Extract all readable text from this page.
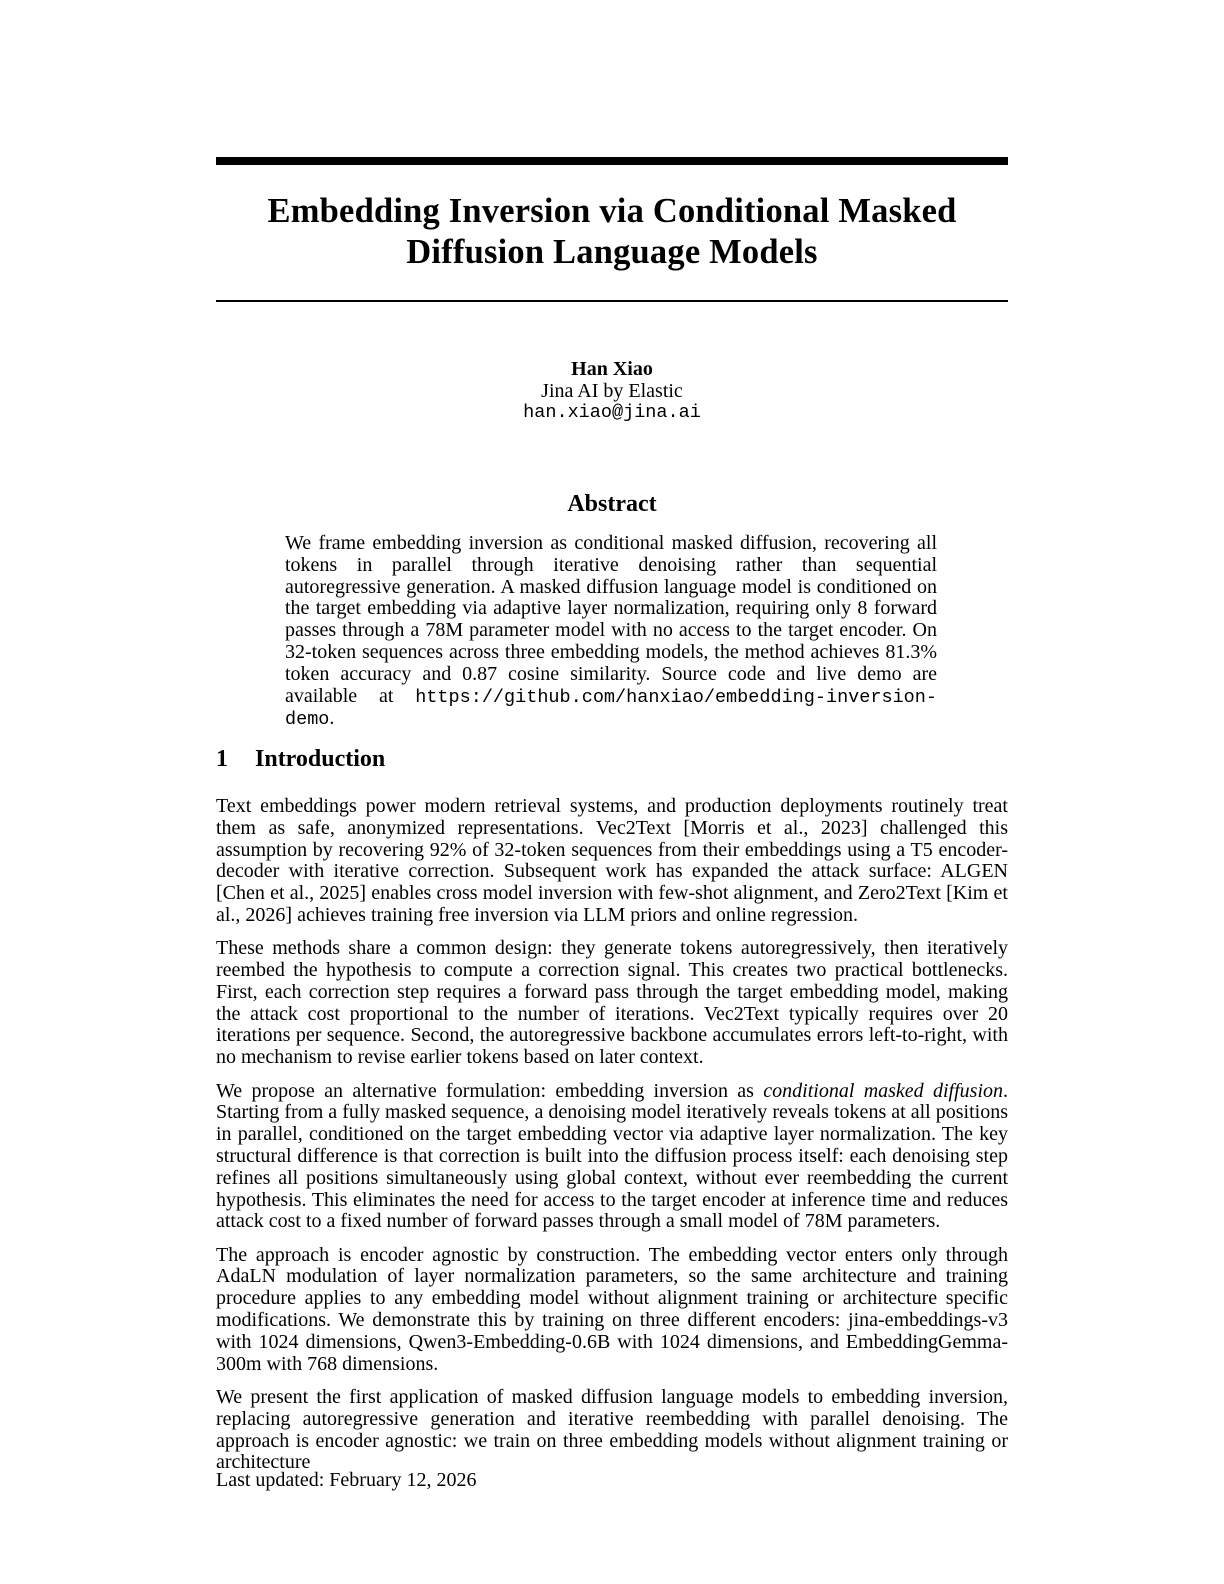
Embedding Inversion via Conditional Masked
Diffusion Language Models
Han Xiao
Jina AI by Elastic
han.xiao@jina.ai
Abstract

We frame embedding inversion as conditional masked diffusion, recovering all tokens in parallel through iterative denoising rather than sequential autoregressive generation. A masked diffusion language model is conditioned on the target embedding via adaptive layer normalization, requiring only 8 forward passes through a 78M parameter model with no access to the target encoder. On 32-token sequences across three embedding models, the method achieves 81.3% token accuracy and 0.87 cosine similarity. Source code and live demo are available at https://github.com/hanxiao/embedding-inversion-demo.

1 Introduction

Text embeddings power modern retrieval systems, and production deployments routinely treat them as safe, anonymized representations. Vec2Text [Morris et al., 2023] challenged this assumption by recovering 92% of 32-token sequences from their embeddings using a T5 encoder-decoder with iterative correction. Subsequent work has expanded the attack surface: ALGEN [Chen et al., 2025] enables cross model inversion with few-shot alignment, and Zero2Text [Kim et al., 2026] achieves training free inversion via LLM priors and online regression.

These methods share a common design: they generate tokens autoregressively, then iteratively reembed the hypothesis to compute a correction signal. This creates two practical bottlenecks. First, each correction step requires a forward pass through the target embedding model, making the attack cost proportional to the number of iterations. Vec2Text typically requires over 20 iterations per sequence. Second, the autoregressive backbone accumulates errors left-to-right, with no mechanism to revise earlier tokens based on later context.

We propose an alternative formulation: embedding inversion as conditional masked diffusion. Starting from a fully masked sequence, a denoising model iteratively reveals tokens at all positions in parallel, conditioned on the target embedding vector via adaptive layer normalization. The key structural difference is that correction is built into the diffusion process itself: each denoising step refines all positions simultaneously using global context, without ever reembedding the current hypothesis. This eliminates the need for access to the target encoder at inference time and reduces attack cost to a fixed number of forward passes through a small model of 78M parameters.

The approach is encoder agnostic by construction. The embedding vector enters only through AdaLN modulation of layer normalization parameters, so the same architecture and training procedure applies to any embedding model without alignment training or architecture specific modifications. We demonstrate this by training on three different encoders: jina-embeddings-v3 with 1024 dimensions, Qwen3-Embedding-0.6B with 1024 dimensions, and EmbeddingGemma-300m with 768 dimensions.

We present the first application of masked diffusion language models to embedding inversion, replacing autoregressive generation and iterative reembedding with parallel denoising. The approach is encoder agnostic: we train on three embedding models without alignment training or architecture

Last updated: February 12, 2026
